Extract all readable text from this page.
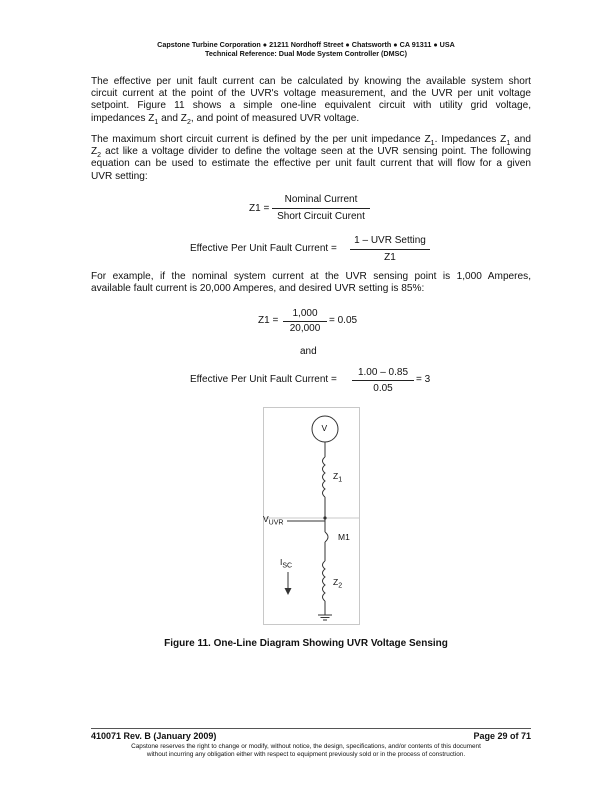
Capstone Turbine Corporation ● 21211 Nordhoff Street ● Chatsworth ● CA 91311 ● USA
Technical Reference: Dual Mode System Controller (DMSC)
The effective per unit fault current can be calculated by knowing the available system short
circuit current at the point of the UVR's voltage measurement, and the UVR per unit voltage
setpoint. Figure 11 shows a simple one-line equivalent circuit with utility grid voltage,
impedances $Z_1$ and $Z_2$, and point of measured UVR voltage.
The maximum short circuit current is defined by the per unit impedance $Z_1$. Impedances $Z_1$ and
$Z_2$ act like a voltage divider to define the voltage seen at the UVR sensing point. The following
equation can be used to estimate the effective per unit fault current that will flow for a given
UVR setting:
Z1 =
Nominal Current
Short Circuit Curent
Effective Per Unit Fault Current =
1 – UVR Setting
Z1
For example, if the nominal system current at the UVR sensing point is 1,000 Amperes,
available fault current is 20,000 Amperes, and desired UVR setting is 85%:
Z1 =
1,000
20,000
= 0.05
and
Effective Per Unit Fault Current =
1.00 – 0.85
0.05
= 3
V
$Z_1$
$V_{UVR}$
M1
$I_{SC}$
$Z_2$
Figure 11. One-Line Diagram Showing UVR Voltage Sensing
410071 Rev. B (January 2009)	Page 29 of 71
Capstone reserves the right to change or modify, without notice, the design, specifications, and/or contents of this document
without incurring any obligation either with respect to equipment previously sold or in the process of construction.
